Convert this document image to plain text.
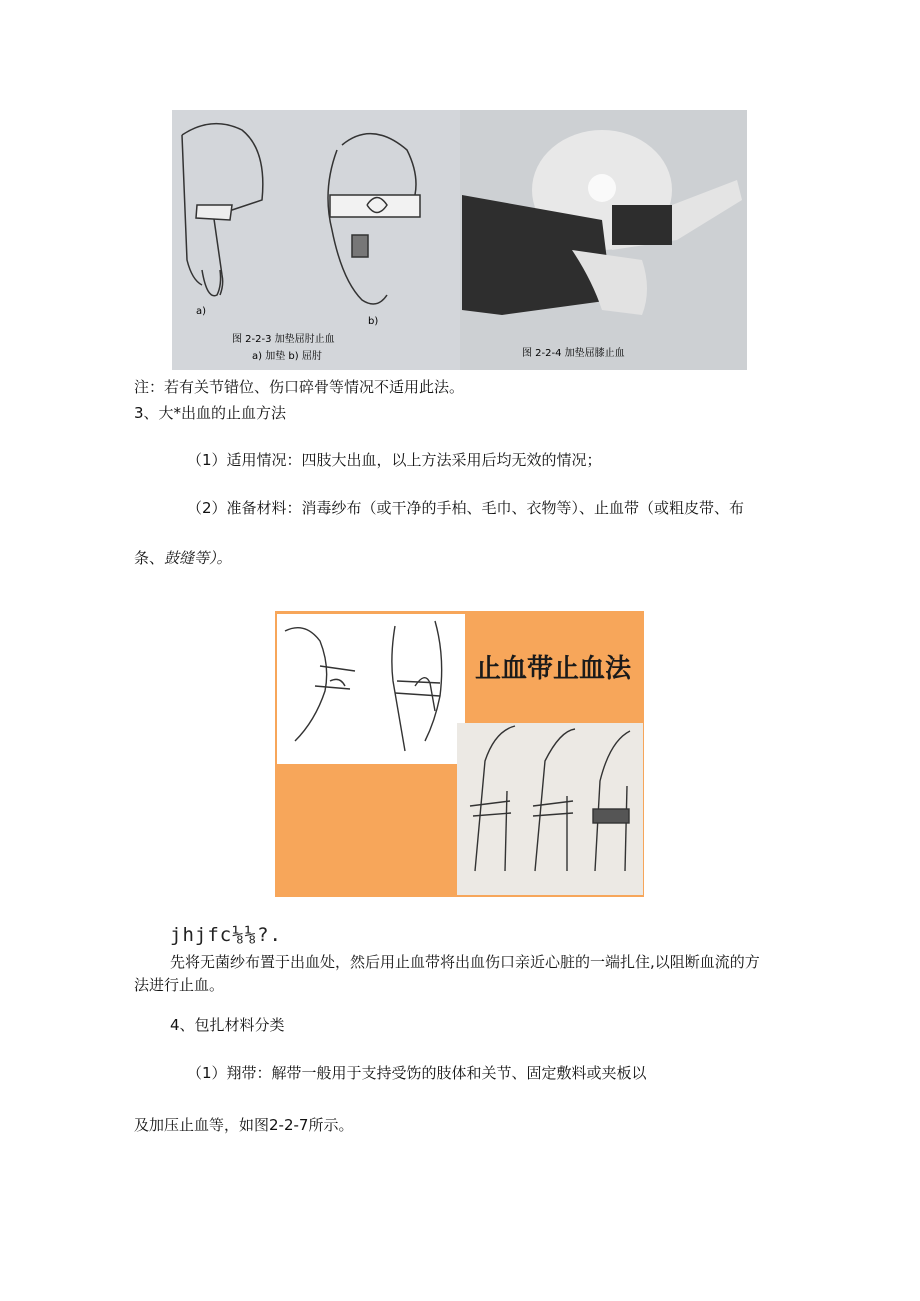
a)
b)
图 2-2-3 加垫屈肘止血
a) 加垫 b) 屈肘	图 2-2-4 加垫屈膝止血
注：若有关节错位、伤口碎骨等情况不适用此法。
3、大*出血的止血方法
（1）适用情况：四肢大出血，以上方法采用后均无效的情况；
（2）准备材料：消毒纱布（或干净的手柏、毛巾、衣物等）、止血带（或粗皮带、布
条、鼓缝等）。
止血带止血法
jhjfc⅛⅛?.
先将无菌纱布置于出血处，然后用止血带将出血伤口亲近心脏的一端扎住,以阻断血流的方
法进行止血。
4、包扎材料分类
（1）翔带：解带一般用于支持受饬的肢体和关节、固定敷料或夹板以
及加压止血等，如图2-2-7所示。
